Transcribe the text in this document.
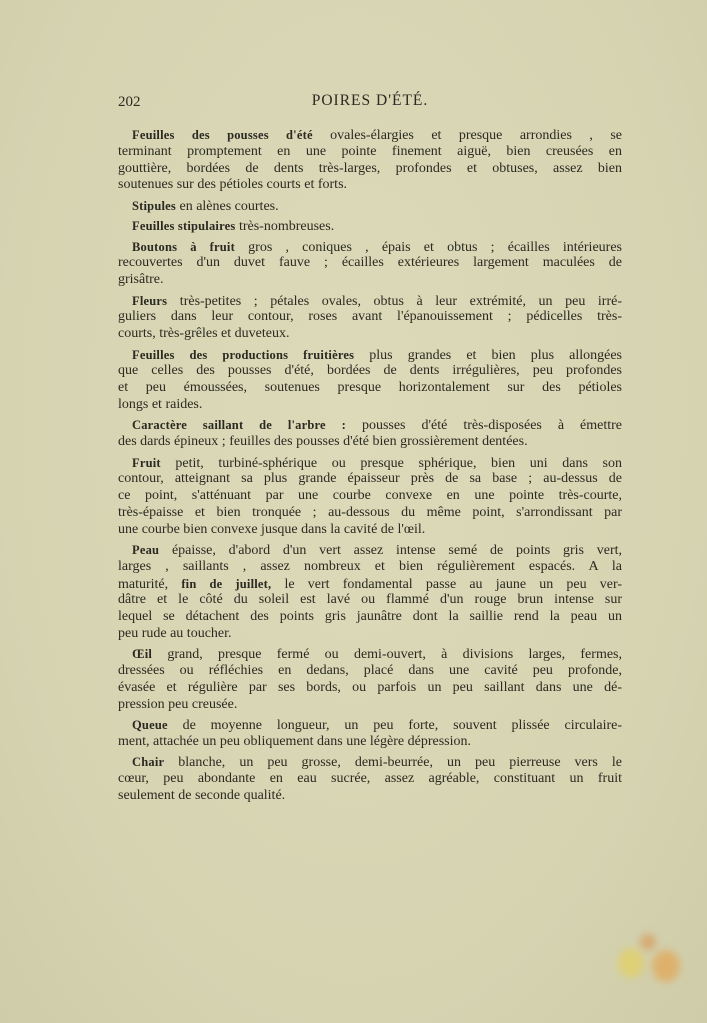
202	POIRES D'ÉTÉ.
Feuilles des pousses d'été ovales-élargies et presque arrondies , se
terminant promptement en une pointe finement aiguë, bien creusées en
gouttière, bordées de dents très-larges, profondes et obtuses, assez bien
soutenues sur des pétioles courts et forts.
Stipules en alènes courtes.
Feuilles stipulaires très-nombreuses.
Boutons à fruit gros , coniques , épais et obtus ; écailles intérieures
recouvertes d'un duvet fauve ; écailles extérieures largement maculées de
grisâtre.
Fleurs très-petites ; pétales ovales, obtus à leur extrémité, un peu irré-
guliers dans leur contour, roses avant l'épanouissement ; pédicelles très-
courts, très-grêles et duveteux.
Feuilles des productions fruitières plus grandes et bien plus allongées
que celles des pousses d'été, bordées de dents irrégulières, peu profondes
et peu émoussées, soutenues presque horizontalement sur des pétioles
longs et raides.
Caractère saillant de l'arbre : pousses d'été très-disposées à émettre
des dards épineux ; feuilles des pousses d'été bien grossièrement dentées.
Fruit petit, turbiné-sphérique ou presque sphérique, bien uni dans son
contour, atteignant sa plus grande épaisseur près de sa base ; au-dessus de
ce point, s'atténuant par une courbe convexe en une pointe très-courte,
très-épaisse et bien tronquée ; au-dessous du même point, s'arrondissant par
une courbe bien convexe jusque dans la cavité de l'œil.
Peau épaisse, d'abord d'un vert assez intense semé de points gris vert,
larges , saillants , assez nombreux et bien régulièrement espacés. A la
maturité, fin de juillet, le vert fondamental passe au jaune un peu ver-
dâtre et le côté du soleil est lavé ou flammé d'un rouge brun intense sur
lequel se détachent des points gris jaunâtre dont la saillie rend la peau un
peu rude au toucher.
Œil grand, presque fermé ou demi-ouvert, à divisions larges, fermes,
dressées ou réfléchies en dedans, placé dans une cavité peu profonde,
évasée et régulière par ses bords, ou parfois un peu saillant dans une dé-
pression peu creusée.
Queue de moyenne longueur, un peu forte, souvent plissée circulaire-
ment, attachée un peu obliquement dans une légère dépression.
Chair blanche, un peu grosse, demi-beurrée, un peu pierreuse vers le
cœur, peu abondante en eau sucrée, assez agréable, constituant un fruit
seulement de seconde qualité.
